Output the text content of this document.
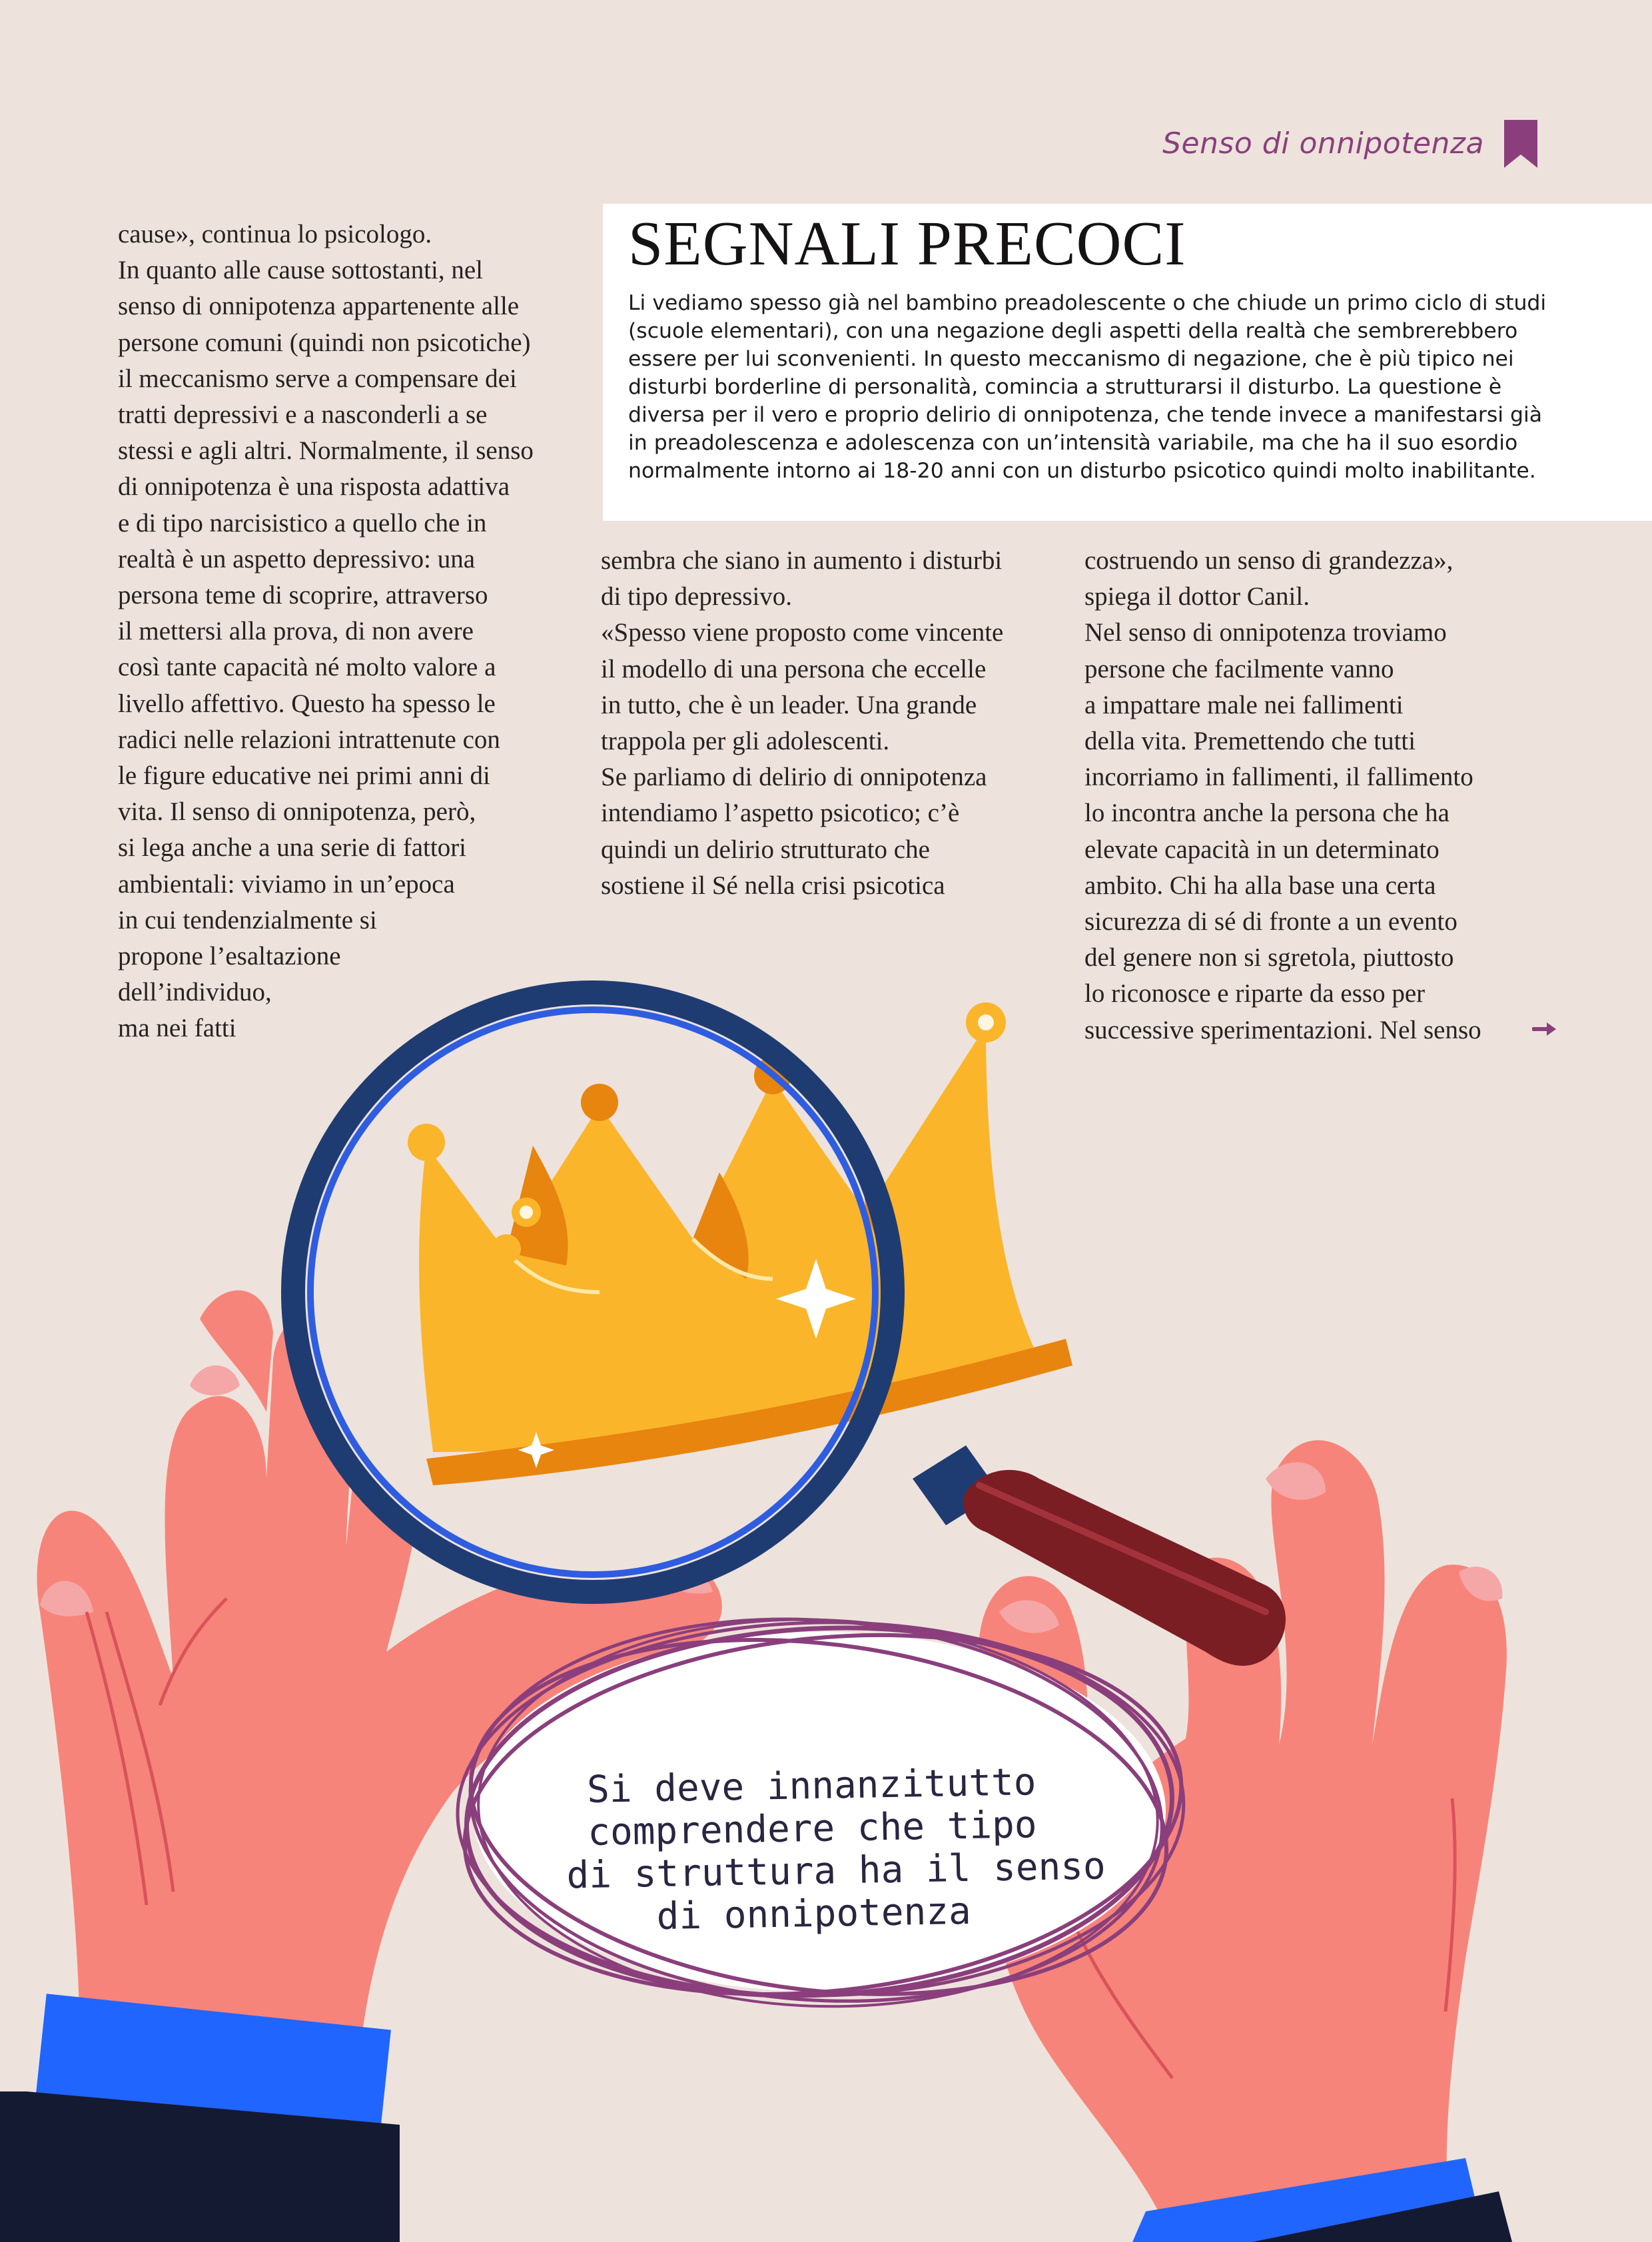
Senso di onnipotenza
SEGNALI PRECOCI
Li vediamo spesso già nel bambino preadolescente o che chiude un primo ciclo di studi
(scuole elementari), con una negazione degli aspetti della realtà che sembrerebbero
essere per lui sconvenienti. In questo meccanismo di negazione, che è più tipico nei
disturbi borderline di personalità, comincia a strutturarsi il disturbo. La questione è
diversa per il vero e proprio delirio di onnipotenza, che tende invece a manifestarsi già
in preadolescenza e adolescenza con un’intensità variabile, ma che ha il suo esordio
normalmente intorno ai 18-20 anni con un disturbo psicotico quindi molto inabilitante.
cause», continua lo psicologo.
In quanto alle cause sottostanti, nel
senso di onnipotenza appartenente alle
persone comuni (quindi non psicotiche)
il meccanismo serve a compensare dei
tratti depressivi e a nasconderli a se
stessi e agli altri. Normalmente, il senso
di onnipotenza è una risposta adattiva
e di tipo narcisistico a quello che in
realtà è un aspetto depressivo: una
persona teme di scoprire, attraverso
il mettersi alla prova, di non avere
così tante capacità né molto valore a
livello affettivo. Questo ha spesso le
radici nelle relazioni intrattenute con
le figure educative nei primi anni di
vita. Il senso di onnipotenza, però,
si lega anche a una serie di fattori
ambientali: viviamo in un’epoca
in cui tendenzialmente si
propone l’esaltazione
dell’individuo,
ma nei fatti
sembra che siano in aumento i disturbi
di tipo depressivo.
«Spesso viene proposto come vincente
il modello di una persona che eccelle
in tutto, che è un leader. Una grande
trappola per gli adolescenti.
Se parliamo di delirio di onnipotenza
intendiamo l’aspetto psicotico; c’è
quindi un delirio strutturato che
sostiene il Sé nella crisi psicotica
costruendo un senso di grandezza»,
spiega il dottor Canil.
Nel senso di onnipotenza troviamo
persone che facilmente vanno
a impattare male nei fallimenti
della vita. Premettendo che tutti
incorriamo in fallimenti, il fallimento
lo incontra anche la persona che ha
elevate capacità in un determinato
ambito. Chi ha alla base una certa
sicurezza di sé di fronte a un evento
del genere non si sgretola, piuttosto
lo riconosce e riparte da esso per
successive sperimentazioni. Nel senso
Si deve innanzitutto
comprendere che tipo
di struttura ha il senso
di onnipotenza
